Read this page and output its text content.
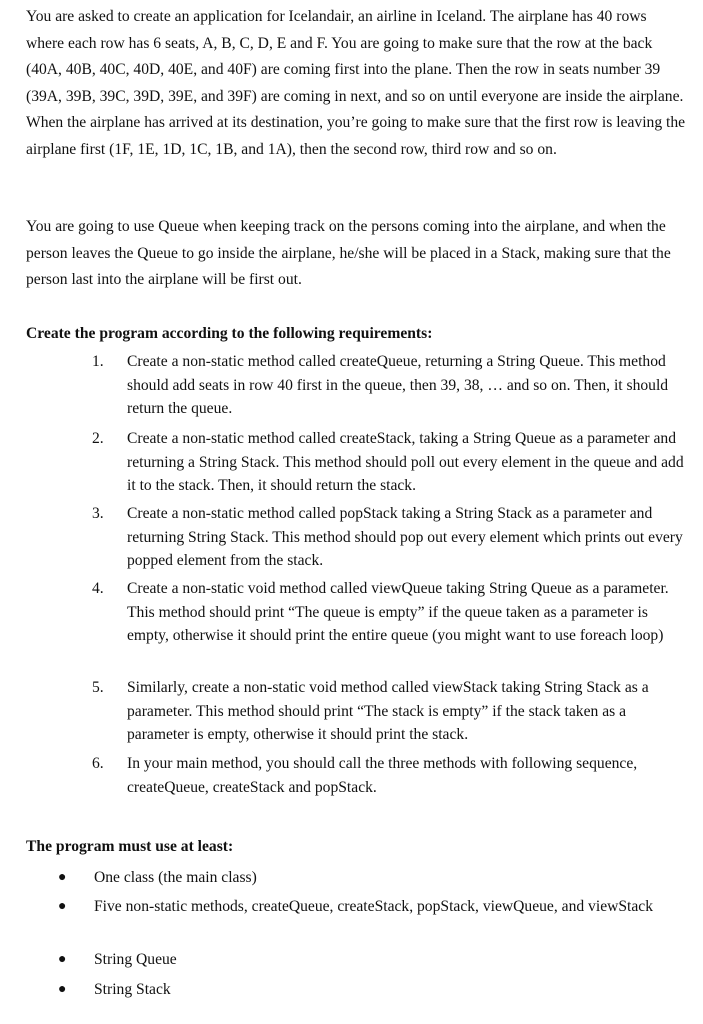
You are asked to create an application for Icelandair, an airline in Iceland. The airplane has 40 rows where each row has 6 seats, A, B, C, D, E and F. You are going to make sure that the row at the back (40A, 40B, 40C, 40D, 40E, and 40F) are coming first into the plane. Then the row in seats number 39 (39A, 39B, 39C, 39D, 39E, and 39F) are coming in next, and so on until everyone are inside the airplane. When the airplane has arrived at its destination, you’re going to make sure that the first row is leaving the airplane first (1F, 1E, 1D, 1C, 1B, and 1A), then the second row, third row and so on.

You are going to use Queue when keeping track on the persons coming into the airplane, and when the person leaves the Queue to go inside the airplane, he/she will be placed in a Stack, making sure that the person last into the airplane will be first out.

Create the program according to the following requirements:

1. Create a non-static method called createQueue, returning a String Queue. This method should add seats in row 40 first in the queue, then 39, 38, … and so on. Then, it should return the queue.
2. Create a non-static method called createStack, taking a String Queue as a parameter and returning a String Stack. This method should poll out every element in the queue and add it to the stack. Then, it should return the stack.
3. Create a non-static method called popStack taking a String Stack as a parameter and returning String Stack. This method should pop out every element which prints out every popped element from the stack.
4. Create a non-static void method called viewQueue taking String Queue as a parameter. This method should print “The queue is empty” if the queue taken as a parameter is empty, otherwise it should print the entire queue (you might want to use foreach loop)
5. Similarly, create a non-static void method called viewStack taking String Stack as a parameter. This method should print “The stack is empty” if the stack taken as a parameter is empty, otherwise it should print the stack.
6. In your main method, you should call the three methods with following sequence, createQueue, createStack and popStack.

The program must use at least:

● One class (the main class)
● Five non-static methods, createQueue, createStack, popStack, viewQueue, and viewStack
● String Queue
● String Stack
